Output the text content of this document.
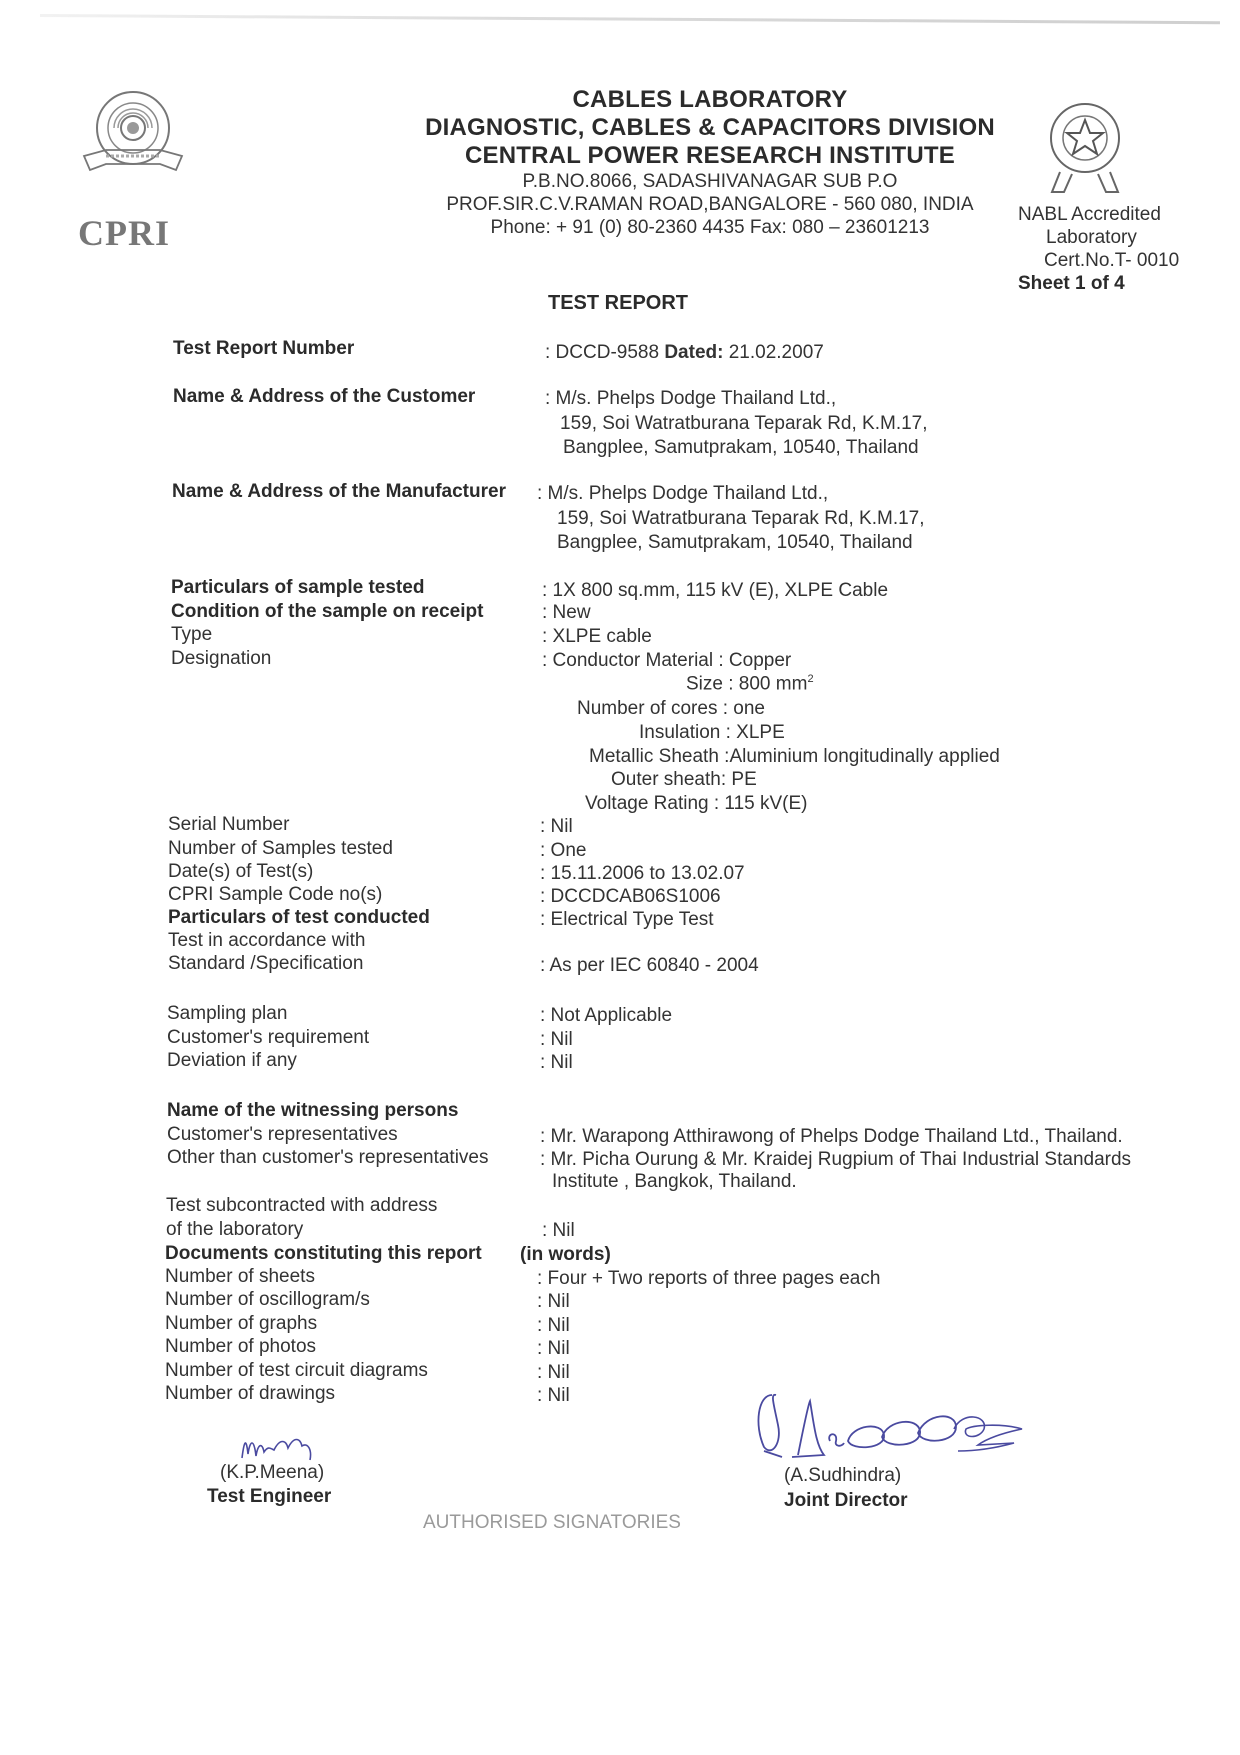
CPRI
CABLES LABORATORY
DIAGNOSTIC, CABLES & CAPACITORS DIVISION
CENTRAL POWER RESEARCH INSTITUTE
P.B.NO.8066, SADASHIVANAGAR SUB P.O
PROF.SIR.C.V.RAMAN ROAD,BANGALORE - 560 080, INDIA
Phone: + 91 (0) 80-2360 4435 Fax: 080 – 23601213
NABL Accredited
Laboratory
Cert.No.T- 0010
Sheet 1 of 4
TEST REPORT
Test Report Number	: DCCD-9588 Dated: 21.02.2007
Name & Address of the Customer	: M/s. Phelps Dodge Thailand Ltd.,
159, Soi Watratburana Teparak Rd, K.M.17,
Bangplee, Samutprakam, 10540, Thailand
Name & Address of the Manufacturer : M/s. Phelps Dodge Thailand Ltd.,
159, Soi Watratburana Teparak Rd, K.M.17,
Bangplee, Samutprakam, 10540, Thailand
Particulars of sample tested	: 1X 800 sq.mm, 115 kV (E), XLPE Cable
Condition of the sample on receipt	: New
Type	: XLPE cable
Designation	: Conductor Material : Copper
Size : 800 $mm^2$
Number of cores : one
Insulation : XLPE
Metallic Sheath :Aluminium longitudinally applied
Outer sheath: PE
Voltage Rating : 115 kV(E)
Serial Number	: Nil
Number of Samples tested	: One
Date(s) of Test(s)	: 15.11.2006 to 13.02.07
CPRI Sample Code no(s)	: DCCDCAB06S1006
Particulars of test conducted	: Electrical Type Test
Test in accordance with
Standard /Specification	: As per IEC 60840 - 2004
Sampling plan	: Not Applicable
Customer's requirement	: Nil
Deviation if any	: Nil
Name of the witnessing persons
Customer's representatives	: Mr. Warapong Atthirawong of Phelps Dodge Thailand Ltd., Thailand.
Other than customer's representatives	: Mr. Picha Ourung & Mr. Kraidej Rugpium of Thai Industrial Standards
Institute , Bangkok, Thailand.
Test subcontracted with address
of the laboratory	: Nil
Documents constituting this report (in words)
Number of sheets	: Four + Two reports of three pages each
Number of oscillogram/s	: Nil
Number of graphs	: Nil
Number of photos	: Nil
Number of test circuit diagrams	: Nil
Number of drawings	: Nil
(K.P.Meena)
Test Engineer
(A.Sudhindra)
Joint Director
AUTHORISED SIGNATORIES
